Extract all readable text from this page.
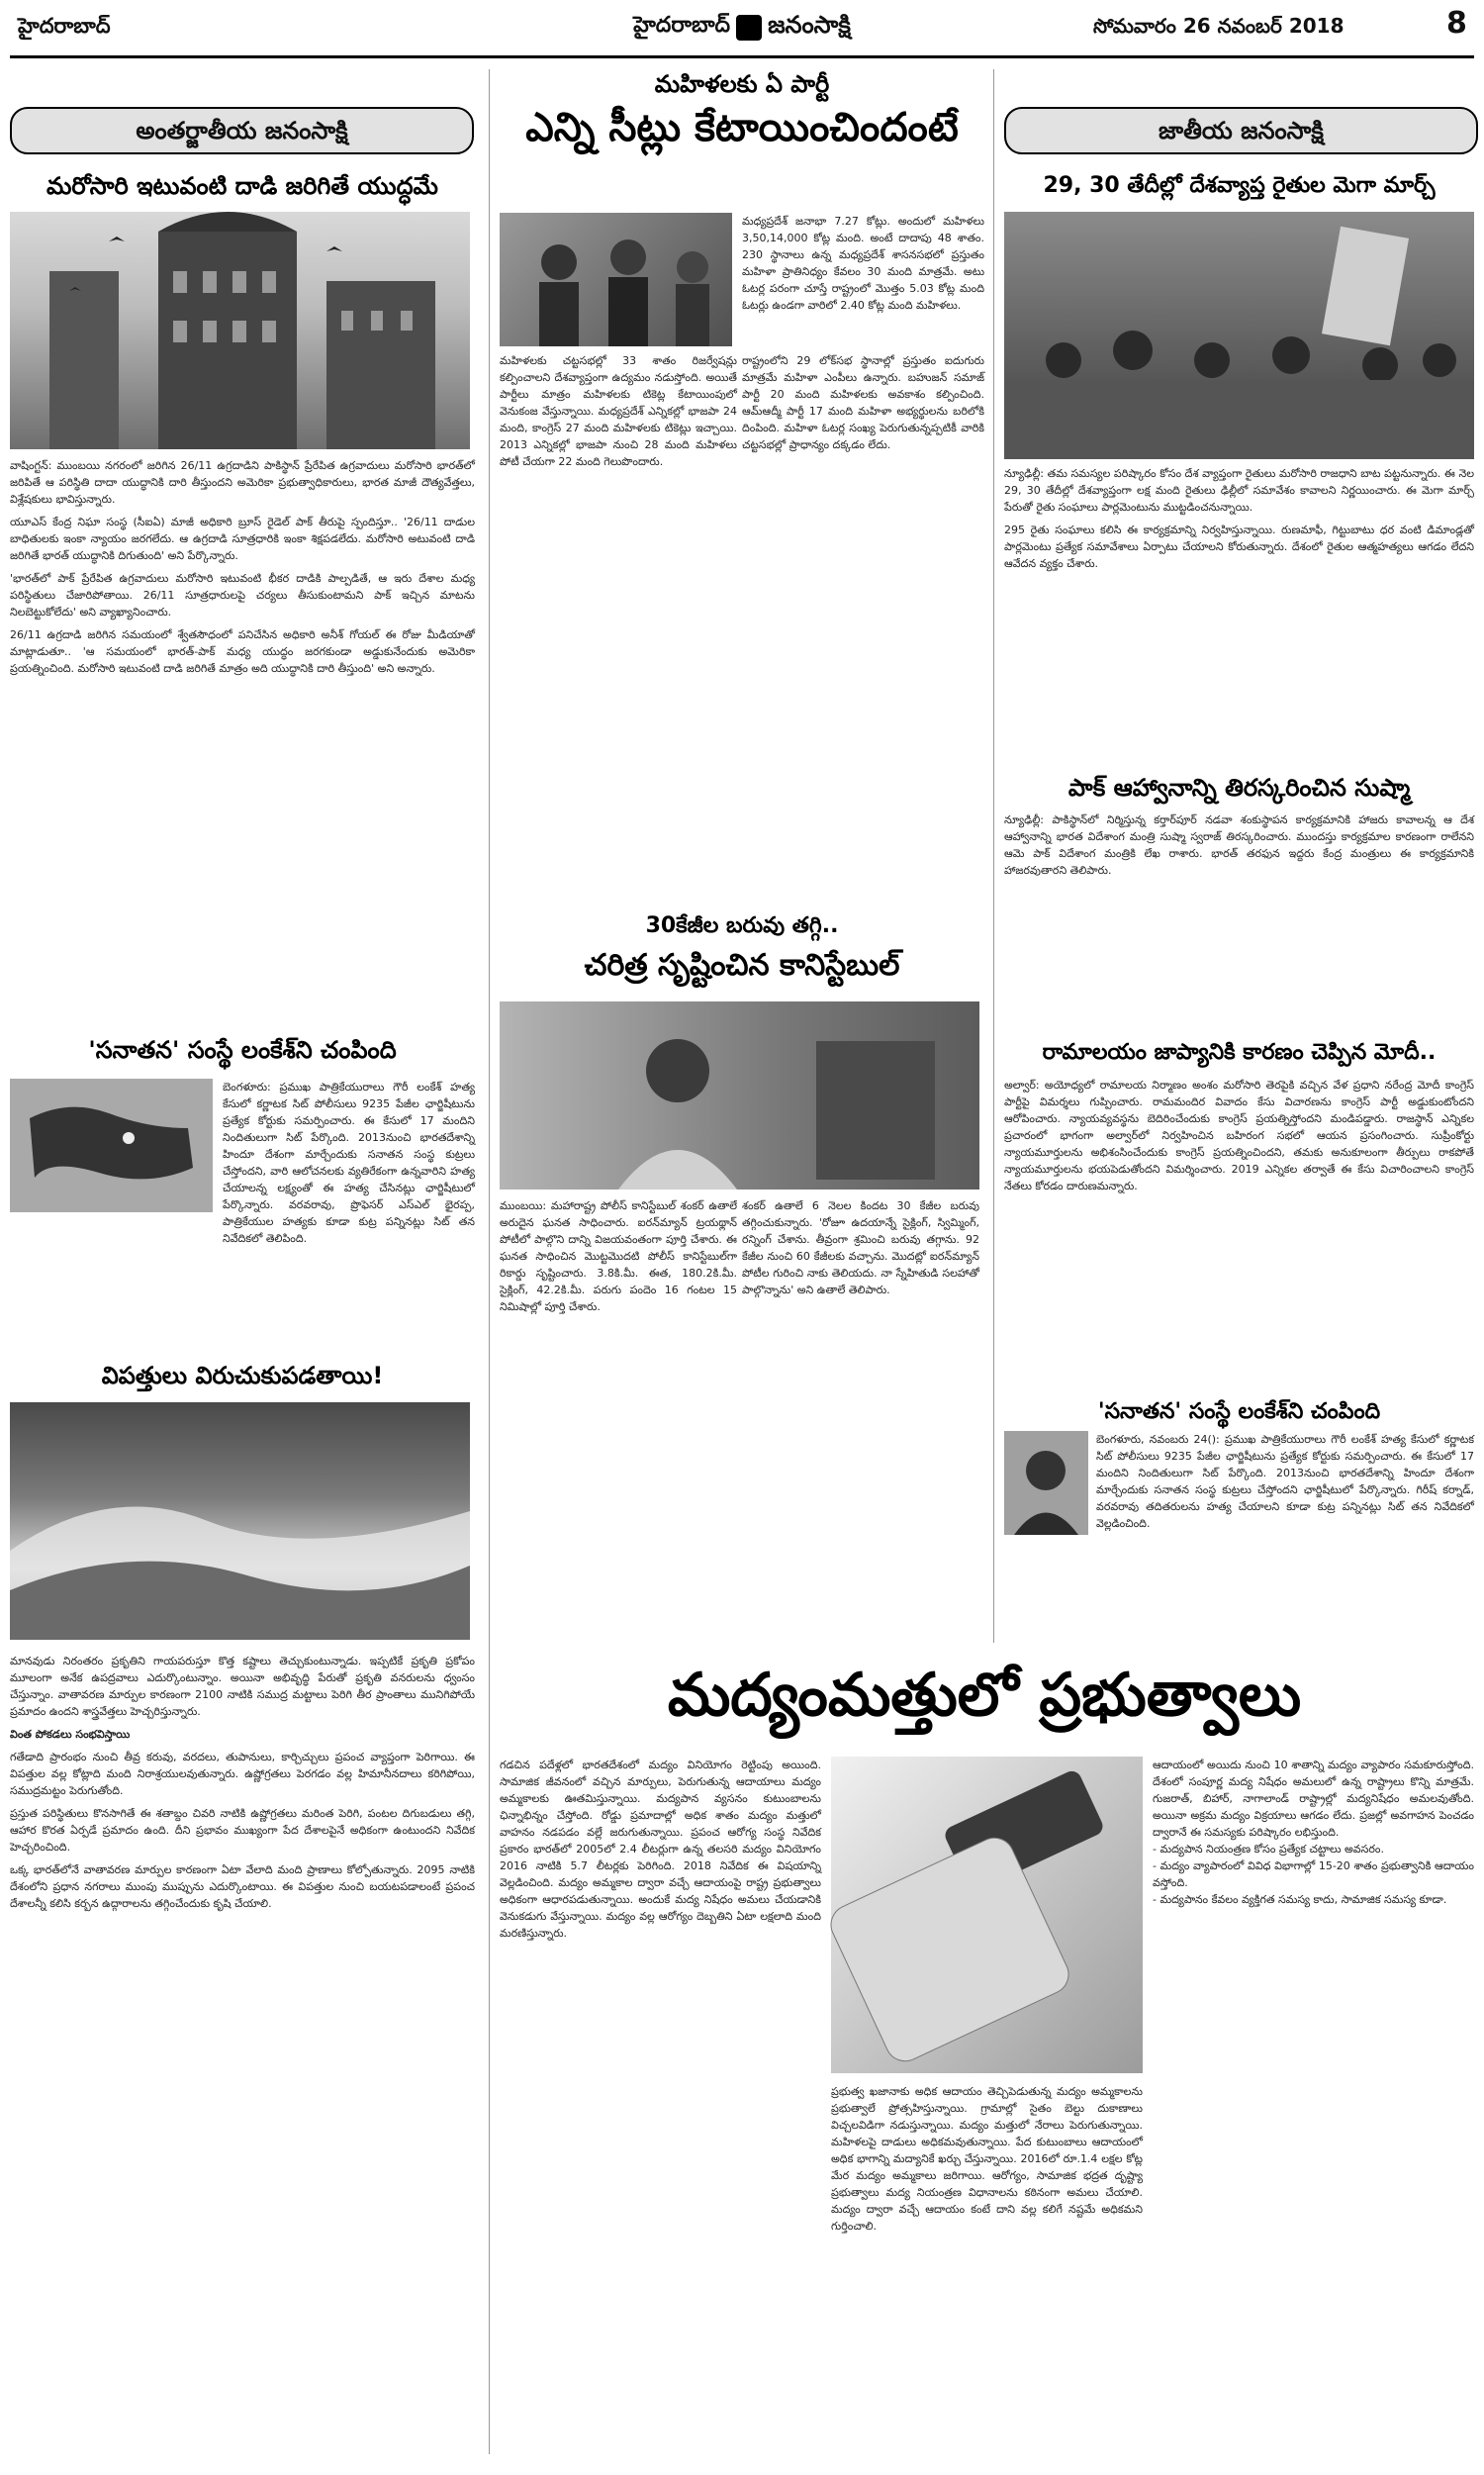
హైదరాబాద్	హైదరాబాద్ జనంసాక్షి	సోమవారం 26 నవంబర్ 2018	8
అంతర్జాతీయ జనంసాక్షి
మరోసారి ఇటువంటి దాడి జరిగితే యుద్ధమే

వాషింగ్టన్‌: ముంబయి నగరంలో జరిగిన 26/11 ఉగ్రదాడిని పాకిస్థాన్‌ ప్రేరేపిత ఉగ్రవాదులు మరోసారి భారత్‌లో జరిపితే ఆ పరిస్థితి దాదా యుద్ధానికి దారి తీస్తుందని అమెరికా ప్రభుత్వాధికారులు, భారత మాజీ దౌత్యవేత్తలు, విశ్లేషకులు భావిస్తున్నారు.

యూఎస్‌ కేంద్ర నిఘా సంస్థ (సీఐఏ) మాజీ అధికారి బ్రూస్‌ రైడెల్‌ పాక్‌ తీరుపై స్పందిస్తూ.. '26/11 దాడుల బాధితులకు ఇంకా న్యాయం జరగలేదు. ఆ ఉగ్రదాడి సూత్రధారికి ఇంకా శిక్షపడలేదు. మరోసారి అటువంటి దాడి జరిగితే భారత్‌ యుద్ధానికి దిగుతుంది' అని పేర్కొన్నారు.

'భారత్‌లో పాక్‌ ప్రేరేపిత ఉగ్రవాదులు మరోసారి ఇటువంటి భీకర దాడికి పాల్పడితే, ఆ ఇరు దేశాల మధ్య పరిస్థితులు చేజారిపోతాయి. 26/11 సూత్రధారులపై చర్యలు తీసుకుంటామని పాక్‌ ఇచ్చిన మాటను నిలబెట్టుకోలేదు' అని వ్యాఖ్యానించారు.

26/11 ఉగ్రదాడి జరిగిన సమయంలో శ్వేతసౌధంలో పనిచేసిన అధికారి అనీశ్‌ గోయల్‌ ఈ రోజు మీడియాతో మాట్లాడుతూ.. 'ఆ సమయంలో భారత్‌-పాక్‌ మధ్య యుద్ధం జరగకుండా అడ్డుకునేందుకు అమెరికా ప్రయత్నించింది. మరోసారి ఇటువంటి దాడి జరిగితే మాత్రం అది యుద్ధానికి దారి తీస్తుంది' అని అన్నారు.

'సనాతన' సంస్థే లంకేశ్‌ని చంపింది
బెంగళూరు: ప్రముఖ పాత్రికేయురాలు గౌరీ లంకేశ్‌ హత్య కేసులో కర్ణాటక సిట్‌ పోలీసులు 9235 పేజీల ఛార్జిషీటును ప్రత్యేక కోర్టుకు సమర్పించారు. ఈ కేసులో 17 మందిని నిందితులుగా సిట్‌ పేర్కొంది. 2013నుంచి భారతదేశాన్ని హిందూ దేశంగా మార్చేందుకు సనాతన సంస్థ కుట్రలు చేస్తోందని, వారి ఆలోచనలకు వ్యతిరేకంగా ఉన్నవారిని హత్య చేయాలన్న లక్ష్యంతో ఈ హత్య చేసినట్లు ఛార్జిషీటులో పేర్కొన్నారు. వరవరావు, ప్రొఫెసర్‌ ఎస్‌ఎల్‌ భైరప్ప, పాత్రికేయుల హత్యకు కూడా కుట్ర పన్నినట్లు సిట్‌ తన నివేదికలో తెలిపింది.
విపత్తులు విరుచుకుపడతాయి!

మానవుడు నిరంతరం ప్రకృతిని గాయపరుస్తూ కొత్త కష్టాలు తెచ్చుకుంటున్నాడు. ఇప్పటికే ప్రకృతి ప్రకోపం మూలంగా అనేక ఉపద్రవాలు ఎదుర్కొంటున్నాం. అయినా అభివృద్ధి పేరుతో ప్రకృతి వనరులను ధ్వంసం చేస్తున్నాం. వాతావరణ మార్పుల కారణంగా 2100 నాటికి సముద్ర మట్టాలు పెరిగి తీర ప్రాంతాలు మునిగిపోయే ప్రమాదం ఉందని శాస్త్రవేత్తలు హెచ్చరిస్తున్నారు.

వింత పోకడలు సంభవిస్తాయి

గతేడాది ప్రారంభం నుంచి తీవ్ర కరువు, వరదలు, తుపానులు, కార్చిచ్చులు ప్రపంచ వ్యాప్తంగా పెరిగాయి. ఈ విపత్తుల వల్ల కోట్లాది మంది నిరాశ్రయులవుతున్నారు. ఉష్ణోగ్రతలు పెరగడం వల్ల హిమానీనదాలు కరిగిపోయి, సముద్రమట్టం పెరుగుతోంది.

ప్రస్తుత పరిస్థితులు కొనసాగితే ఈ శతాబ్దం చివరి నాటికి ఉష్ణోగ్రతలు మరింత పెరిగి, పంటల దిగుబడులు తగ్గి, ఆహార కొరత ఏర్పడే ప్రమాదం ఉంది. దీని ప్రభావం ముఖ్యంగా పేద దేశాలపైనే అధికంగా ఉంటుందని నివేదిక హెచ్చరించింది.

ఒక్క భారత్‌లోనే వాతావరణ మార్పుల కారణంగా ఏటా వేలాది మంది ప్రాణాలు కోల్పోతున్నారు. 2095 నాటికి దేశంలోని ప్రధాన నగరాలు ముంపు ముప్పును ఎదుర్కొంటాయి. ఈ విపత్తుల నుంచి బయటపడాలంటే ప్రపంచ దేశాలన్నీ కలిసి కర్బన ఉద్గారాలను తగ్గించేందుకు కృషి చేయాలి.

మహిళలకు ఏ పార్టీ
ఎన్ని సీట్లు కేటాయించిందంటే
మధ్యప్రదేశ్‌ జనాభా 7.27 కోట్లు. అందులో మహిళలు 3,50,14,000 కోట్ల మంది. అంటే దాదాపు 48 శాతం. 230 స్థానాలు ఉన్న మధ్యప్రదేశ్‌ శాసనసభలో ప్రస్తుతం మహిళా ప్రాతినిధ్యం కేవలం 30 మంది మాత్రమే. అటు ఓటర్ల పరంగా చూస్తే రాష్ట్రంలో మొత్తం 5.03 కోట్ల మంది ఓటర్లు ఉండగా వారిలో 2.40 కోట్ల మంది మహిళలు.
మహిళలకు చట్టసభల్లో 33 శాతం రిజర్వేషన్లు కల్పించాలని దేశవ్యాప్తంగా ఉద్యమం నడుస్తోంది. అయితే పార్టీలు మాత్రం మహిళలకు టికెట్ల కేటాయింపులో వెనుకంజ వేస్తున్నాయి. మధ్యప్రదేశ్‌ ఎన్నికల్లో భాజపా 24 మంది, కాంగ్రెస్‌ 27 మంది మహిళలకు టికెట్లు ఇచ్చాయి. 2013 ఎన్నికల్లో భాజపా నుంచి 28 మంది మహిళలు పోటీ చేయగా 22 మంది గెలుపొందారు.
రాష్ట్రంలోని 29 లోక్‌సభ స్థానాల్లో ప్రస్తుతం ఐదుగురు మాత్రమే మహిళా ఎంపీలు ఉన్నారు. బహుజన్‌ సమాజ్‌ పార్టీ 20 మంది మహిళలకు అవకాశం కల్పించింది. ఆమ్‌ఆద్మీ పార్టీ 17 మంది మహిళా అభ్యర్థులను బరిలోకి దింపింది. మహిళా ఓటర్ల సంఖ్య పెరుగుతున్నప్పటికీ వారికి చట్టసభల్లో ప్రాధాన్యం దక్కడం లేదు.
30కేజీల బరువు తగ్గి..
చరిత్ర సృష్టించిన కానిస్టేబుల్‌
ముంబయి: మహారాష్ట్ర పోలీస్‌ కానిస్టేబుల్‌ శంకర్‌ ఉతాలే అరుదైన ఘనత సాధించారు. ఐరన్‌మ్యాన్‌ ట్రయథ్లాన్‌ పోటీలో పాల్గొని దాన్ని విజయవంతంగా పూర్తి చేశారు. ఈ ఘనత సాధించిన మొట్టమొదటి పోలీస్‌ కానిస్టేబుల్‌గా రికార్డు సృష్టించారు. 3.8కి.మీ. ఈత, 180.2కి.మీ. సైక్లింగ్‌, 42.2కి.మీ. పరుగు పందెం 16 గంటల 15 నిమిషాల్లో పూర్తి చేశారు.
శంకర్‌ ఉతాలే 6 నెలల కిందట 30 కేజీల బరువు తగ్గించుకున్నారు. 'రోజూ ఉదయాన్నే సైక్లింగ్‌, స్విమ్మింగ్‌, రన్నింగ్‌ చేశాను. తీవ్రంగా శ్రమించి బరువు తగ్గాను. 92 కేజీల నుంచి 60 కేజీలకు వచ్చాను. మొదట్లో ఐరన్‌మ్యాన్‌ పోటీల గురించి నాకు తెలియదు. నా స్నేహితుడి సలహాతో పాల్గొన్నాను' అని ఉతాలే తెలిపారు.
జాతీయ జనంసాక్షి
29, 30 తేదీల్లో దేశవ్యాప్త రైతుల మెగా మార్చ్‌

న్యూఢిల్లీ: తమ సమస్యల పరిష్కారం కోసం దేశ వ్యాప్తంగా రైతులు మరోసారి రాజధాని బాట పట్టనున్నారు. ఈ నెల 29, 30 తేదీల్లో దేశవ్యాప్తంగా లక్ష మంది రైతులు ఢిల్లీలో సమావేశం కావాలని నిర్ణయించారు. ఈ మెగా మార్చ్‌ పేరుతో రైతు సంఘాలు పార్లమెంటును ముట్టడించనున్నాయి.

295 రైతు సంఘాలు కలిసి ఈ కార్యక్రమాన్ని నిర్వహిస్తున్నాయి. రుణమాఫీ, గిట్టుబాటు ధర వంటి డిమాండ్లతో పార్లమెంటు ప్రత్యేక సమావేశాలు ఏర్పాటు చేయాలని కోరుతున్నారు. దేశంలో రైతుల ఆత్మహత్యలు ఆగడం లేదని ఆవేదన వ్యక్తం చేశారు.

పాక్‌ ఆహ్వానాన్ని తిరస్కరించిన సుష్మా
న్యూఢిల్లీ: పాకిస్థాన్‌లో నిర్మిస్తున్న కర్తార్‌పూర్‌ నడవా శంకుస్థాపన కార్యక్రమానికి హాజరు కావాలన్న ఆ దేశ ఆహ్వానాన్ని భారత విదేశాంగ మంత్రి సుష్మా స్వరాజ్‌ తిరస్కరించారు. ముందస్తు కార్యక్రమాల కారణంగా రాలేనని ఆమె పాక్‌ విదేశాంగ మంత్రికి లేఖ రాశారు. భారత్‌ తరఫున ఇద్దరు కేంద్ర మంత్రులు ఈ కార్యక్రమానికి హాజరవుతారని తెలిపారు.
రామాలయం జాప్యానికి కారణం చెప్పిన మోదీ..
అల్వార్‌: అయోధ్యలో రామాలయ నిర్మాణం అంశం మరోసారి తెరపైకి వచ్చిన వేళ ప్రధాని నరేంద్ర మోదీ కాంగ్రెస్‌ పార్టీపై విమర్శలు గుప్పించారు. రామమందిర వివాదం కేసు విచారణను కాంగ్రెస్‌ పార్టీ అడ్డుకుంటోందని ఆరోపించారు. న్యాయవ్యవస్థను బెదిరించేందుకు కాంగ్రెస్‌ ప్రయత్నిస్తోందని మండిపడ్డారు. రాజస్థాన్‌ ఎన్నికల ప్రచారంలో భాగంగా అల్వార్‌లో నిర్వహించిన బహిరంగ సభలో ఆయన ప్రసంగించారు. సుప్రీంకోర్టు న్యాయమూర్తులను అభిశంసించేందుకు కాంగ్రెస్‌ ప్రయత్నించిందని, తమకు అనుకూలంగా తీర్పులు రాకపోతే న్యాయమూర్తులను భయపెడుతోందని విమర్శించారు. 2019 ఎన్నికల తర్వాతే ఈ కేసు విచారించాలని కాంగ్రెస్‌ నేతలు కోరడం దారుణమన్నారు.
'సనాతన' సంస్థే లంకేశ్‌ని చంపింది
బెంగళూరు, నవంబరు 24(): ప్రముఖ పాత్రికేయురాలు గౌరీ లంకేశ్‌ హత్య కేసులో కర్ణాటక సిట్‌ పోలీసులు 9235 పేజీల ఛార్జిషీటును ప్రత్యేక కోర్టుకు సమర్పించారు. ఈ కేసులో 17 మందిని నిందితులుగా సిట్‌ పేర్కొంది. 2013నుంచి భారతదేశాన్ని హిందూ దేశంగా మార్చేందుకు సనాతన సంస్థ కుట్రలు చేస్తోందని ఛార్జిషీటులో పేర్కొన్నారు. గిరీష్‌ కర్నాడ్‌, వరవరావు తదితరులను హత్య చేయాలని కూడా కుట్ర పన్నినట్లు సిట్‌ తన నివేదికలో వెల్లడించింది.
మద్యంమత్తులో ప్రభుత్వాలు
గడచిన పదేళ్లలో భారతదేశంలో మద్యం వినియోగం రెట్టింపు అయింది. సామాజిక జీవనంలో వచ్చిన మార్పులు, పెరుగుతున్న ఆదాయాలు మద్యం అమ్మకాలకు ఊతమిస్తున్నాయి. మద్యపాన వ్యసనం కుటుంబాలను ఛిన్నాభిన్నం చేస్తోంది. రోడ్డు ప్రమాదాల్లో అధిక శాతం మద్యం మత్తులో వాహనం నడపడం వల్లే జరుగుతున్నాయి. ప్రపంచ ఆరోగ్య సంస్థ నివేదిక ప్రకారం భారత్‌లో 2005లో 2.4 లీటర్లుగా ఉన్న తలసరి మద్యం వినియోగం 2016 నాటికి 5.7 లీటర్లకు పెరిగింది. 2018 నివేదిక ఈ విషయాన్ని వెల్లడించింది. మద్యం అమ్మకాల ద్వారా వచ్చే ఆదాయంపై రాష్ట్ర ప్రభుత్వాలు అధికంగా ఆధారపడుతున్నాయి. అందుకే మద్య నిషేధం అమలు చేయడానికి వెనుకడుగు వేస్తున్నాయి. మద్యం వల్ల ఆరోగ్యం దెబ్బతిని ఏటా లక్షలాది మంది మరణిస్తున్నారు.
ప్రభుత్వ ఖజానాకు అధిక ఆదాయం తెచ్చిపెడుతున్న మద్యం అమ్మకాలను ప్రభుత్వాలే ప్రోత్సహిస్తున్నాయి. గ్రామాల్లో సైతం బెల్టు దుకాణాలు విచ్చలవిడిగా నడుస్తున్నాయి. మద్యం మత్తులో నేరాలు పెరుగుతున్నాయి. మహిళలపై దాడులు అధికమవుతున్నాయి. పేద కుటుంబాలు ఆదాయంలో అధిక భాగాన్ని మద్యానికే ఖర్చు చేస్తున్నాయి. 2016లో రూ.1.4 లక్షల కోట్ల మేర మద్యం అమ్మకాలు జరిగాయి. ఆరోగ్యం, సామాజిక భద్రత దృష్ట్యా ప్రభుత్వాలు మద్య నియంత్రణ విధానాలను కఠినంగా అమలు చేయాలి. మద్యం ద్వారా వచ్చే ఆదాయం కంటే దాని వల్ల కలిగే నష్టమే అధికమని గుర్తించాలి.
ఆదాయంలో అయిదు నుంచి 10 శాతాన్ని మద్యం వ్యాపారం సమకూరుస్తోంది. దేశంలో సంపూర్ణ మద్య నిషేధం అమలులో ఉన్న రాష్ట్రాలు కొన్ని మాత్రమే. గుజరాత్‌, బిహార్‌, నాగాలాండ్‌ రాష్ట్రాల్లో మద్యనిషేధం అమలవుతోంది. అయినా అక్రమ మద్యం విక్రయాలు ఆగడం లేదు. ప్రజల్లో అవగాహన పెంచడం ద్వారానే ఈ సమస్యకు పరిష్కారం లభిస్తుంది.
- మద్యపాన నియంత్రణ కోసం ప్రత్యేక చట్టాలు అవసరం.
- మద్యం వ్యాపారంలో వివిధ విభాగాల్లో 15-20 శాతం ప్రభుత్వానికి ఆదాయం వస్తోంది.
- మద్యపానం కేవలం వ్యక్తిగత సమస్య కాదు, సామాజిక సమస్య కూడా.
